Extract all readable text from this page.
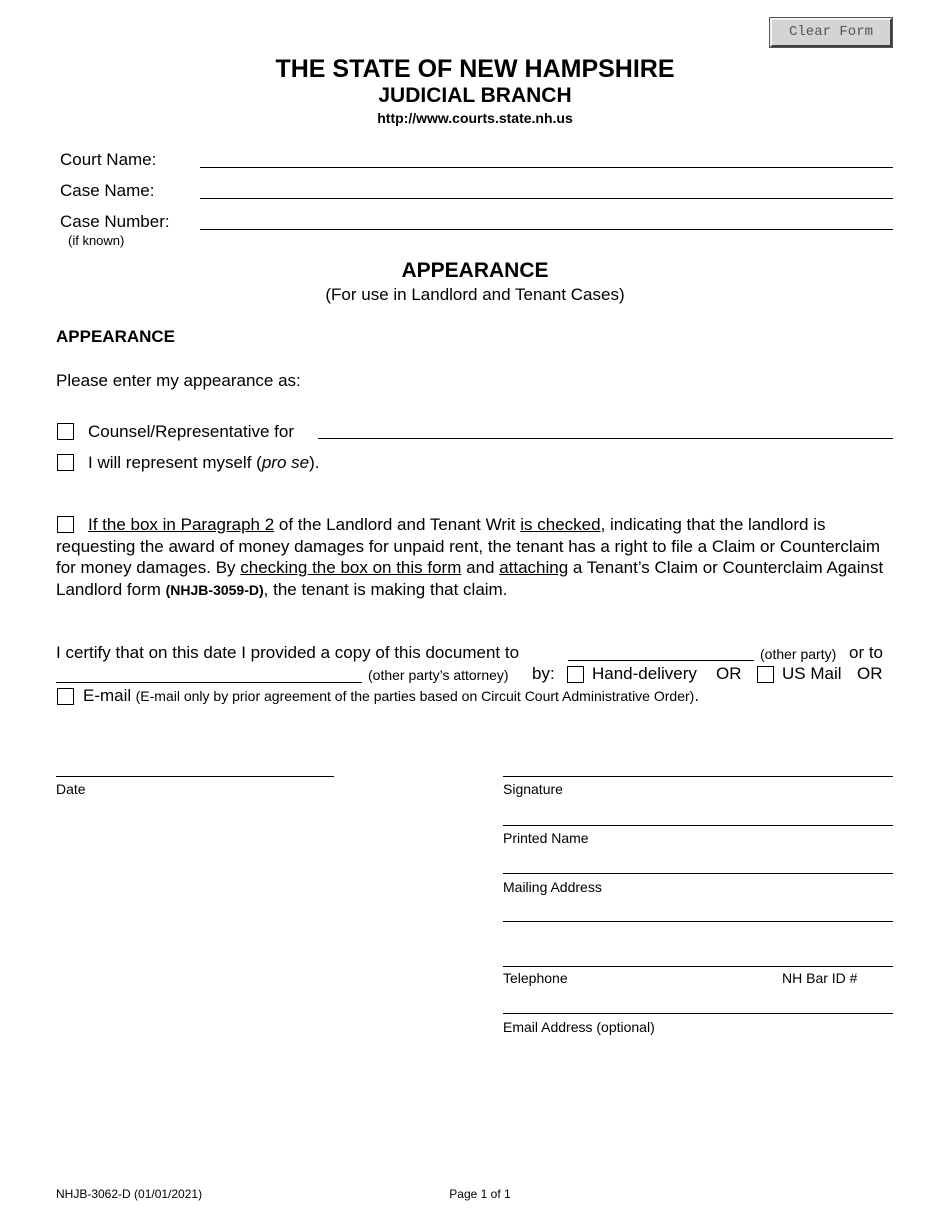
Clear Form
THE STATE OF NEW HAMPSHIRE
JUDICIAL BRANCH
http://www.courts.state.nh.us
Court Name:
Case Name:
Case Number:
(if known)
APPEARANCE
(For use in Landlord and Tenant Cases)
APPEARANCE
Please enter my appearance as:
Counsel/Representative for
I will represent myself (pro se).
If the box in Paragraph 2 of the Landlord and Tenant Writ is checked, indicating that the landlord is requesting the award of money damages for unpaid rent, the tenant has a right to file a Claim or Counterclaim for money damages. By checking the box on this form and attaching a Tenant’s Claim or Counterclaim Against Landlord form (NHJB-3059-D), the tenant is making that claim.
I certify that on this date I provided a copy of this document to	(other party) or to
(other party’s attorney) by: Hand-delivery OR US Mail OR
E-mail (E-mail only by prior agreement of the parties based on Circuit Court Administrative Order).
Date	Signature
Printed Name
Mailing Address
Telephone	NH Bar ID #
Email Address (optional)
NHJB-3062-D (01/01/2021)	Page 1 of 1
